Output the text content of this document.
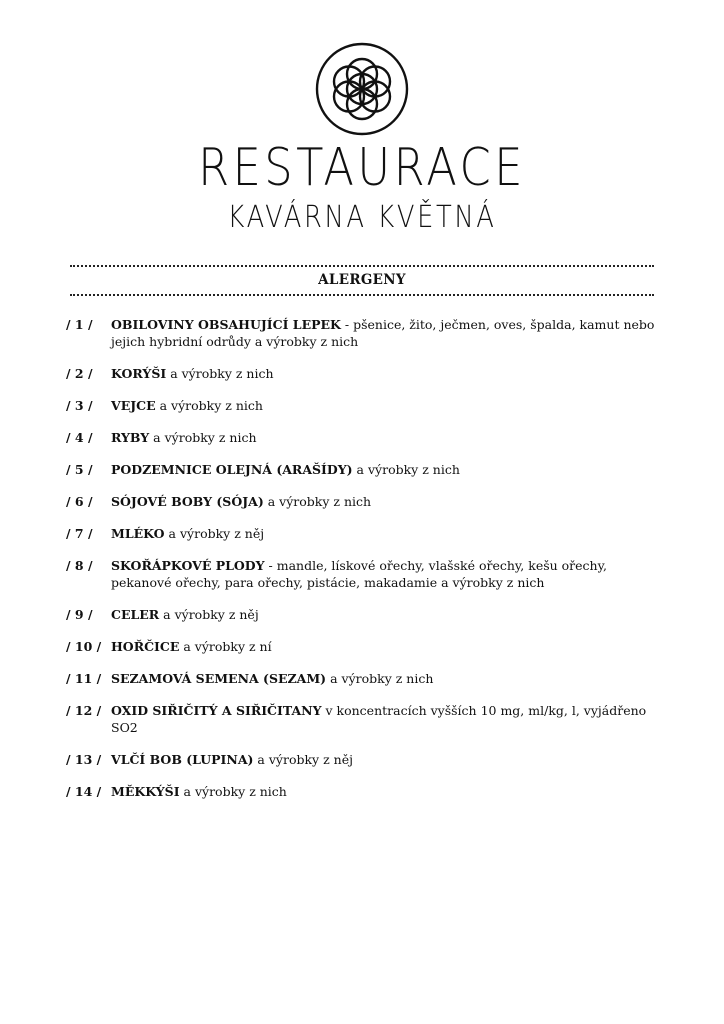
RESTAURACE
KAVÁRNA KVĚTNÁ
ALERGENY
/ 1 /	OBILOVINY OBSAHUJÍCÍ LEPEK - pšenice, žito, ječmen, oves, špalda, kamut nebo jejich hybridní odrůdy a výrobky z nich
/ 2 /	KORÝŠI a výrobky z nich
/ 3 /	VEJCE a výrobky z nich
/ 4 /	RYBY a výrobky z nich
/ 5 /	PODZEMNICE OLEJNÁ (ARAŠÍDY) a výrobky z nich
/ 6 /	SÓJOVÉ BOBY (SÓJA) a výrobky z nich
/ 7 /	MLÉKO a výrobky z něj
/ 8 /	SKOŘÁPKOVÉ PLODY - mandle, lískové ořechy, vlašské ořechy, kešu ořechy, pekanové ořechy, para ořechy, pistácie, makadamie a výrobky z nich
/ 9 /	CELER a výrobky z něj
/ 10 / HOŘČICE a výrobky z ní
/ 11 / SEZAMOVÁ SEMENA (SEZAM) a výrobky z nich
/ 12 / OXID SIŘIČITÝ A SIŘIČITANY v koncentracích vyšších 10 mg, ml/kg, l, vyjádřeno SO2
/ 13 / VLČÍ BOB (LUPINA) a výrobky z něj
/ 14 / MĚKKÝŠI a výrobky z nich
